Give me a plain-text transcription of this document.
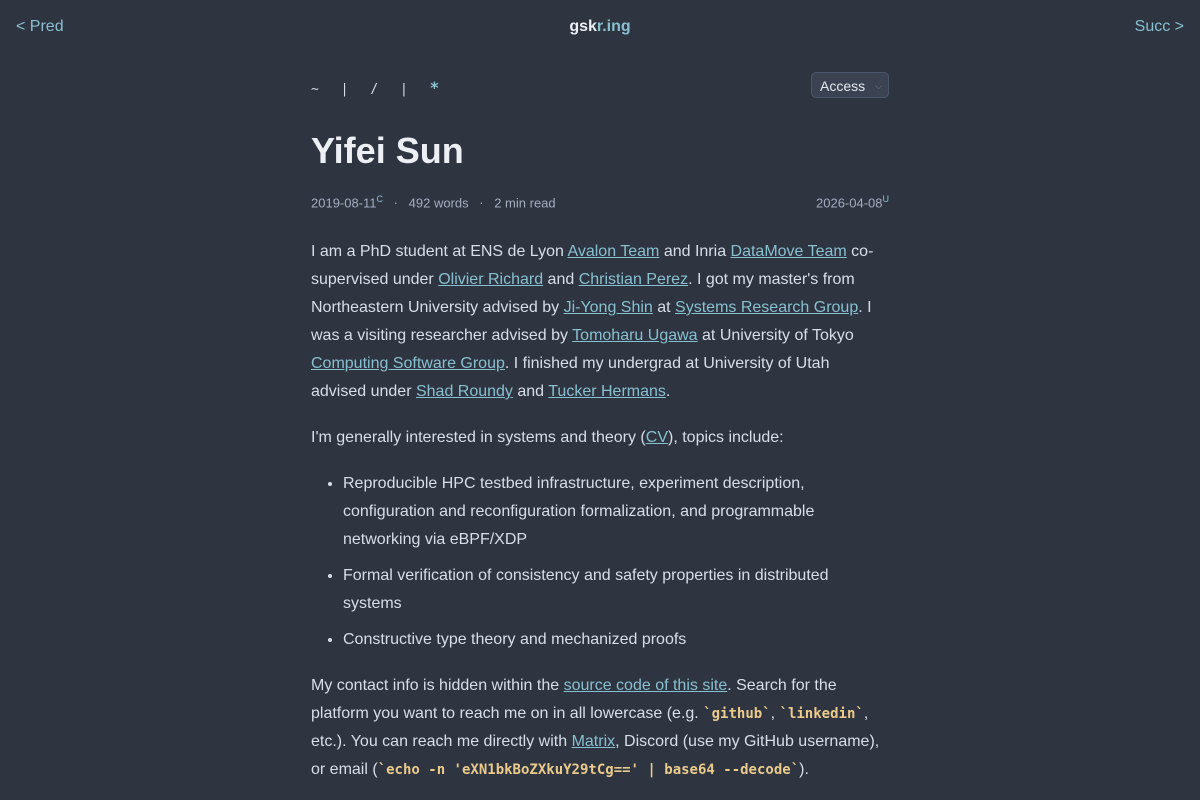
< Pred	gskr.ing	Succ >
~ | / | *	Access ⌵
Yifei Sun
$2019-08-11^C \cdot 492$ words · 2 min read	$2026-04-08^U$

I am a PhD student at ENS de Lyon Avalon Team and Inria DataMove Team co-supervised under Olivier Richard and Christian Perez. I got my master's from Northeastern University advised by Ji-Yong Shin at Systems Research Group. I was a visiting researcher advised by Tomoharu Ugawa at University of Tokyo Computing Software Group. I finished my undergrad at University of Utah advised under Shad Roundy and Tucker Hermans.

I'm generally interested in systems and theory (CV), topics include:

• Reproducible HPC testbed infrastructure, experiment description, configuration and reconfiguration formalization, and programmable networking via eBPF/XDP
• Formal verification of consistency and safety properties in distributed systems
• Constructive type theory and mechanized proofs

My contact info is hidden within the source code of this site. Search for the platform you want to reach me on in all lowercase (e.g. `github`, `linkedin`, etc.). You can reach me directly with Matrix, Discord (use my GitHub username), or email (`echo -n 'eXN1bkBoZXkuY29tCg==' | base64 --decode`).
